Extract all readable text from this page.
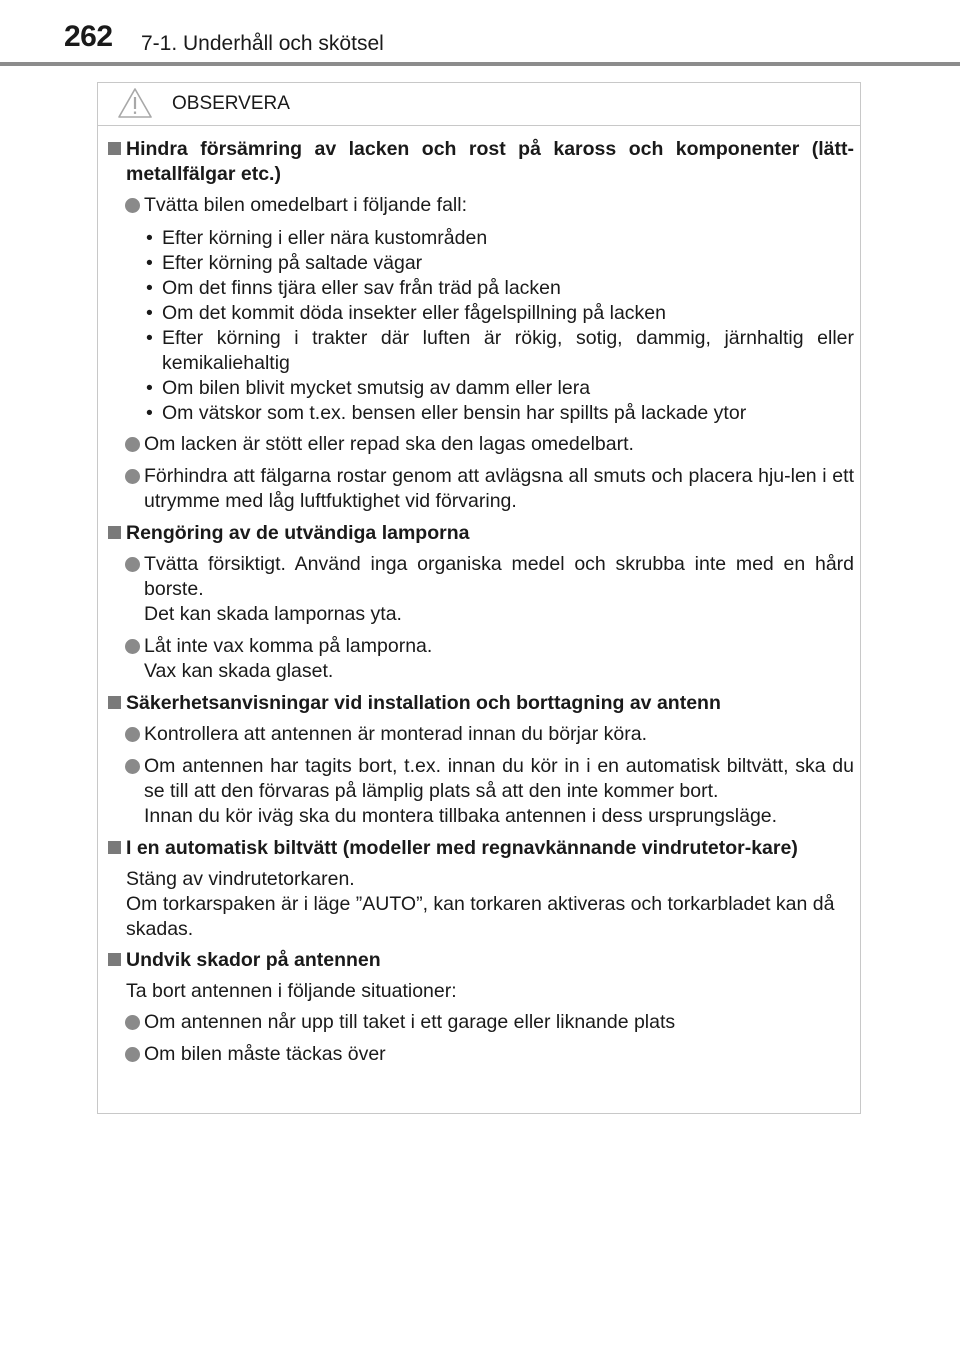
262 7-1. Underhåll och skötsel
OBSERVERA
Hindra försämring av lacken och rost på kaross och komponenter (lätt-metallfälgar etc.)
Tvätta bilen omedelbart i följande fall:
• Efter körning i eller nära kustområden
• Efter körning på saltade vägar
• Om det finns tjära eller sav från träd på lacken
• Om det kommit döda insekter eller fågelspillning på lacken
• Efter körning i trakter där luften är rökig, sotig, dammig, järnhaltig eller kemikaliehaltig
• Om bilen blivit mycket smutsig av damm eller lera
• Om vätskor som t.ex. bensen eller bensin har spillts på lackade ytor
Om lacken är stött eller repad ska den lagas omedelbart.
Förhindra att fälgarna rostar genom att avlägsna all smuts och placera hju-len i ett utrymme med låg luftfuktighet vid förvaring.
Rengöring av de utvändiga lamporna
Tvätta försiktigt. Använd inga organiska medel och skrubba inte med en hård borste.
Det kan skada lampornas yta.
Låt inte vax komma på lamporna.
Vax kan skada glaset.
Säkerhetsanvisningar vid installation och borttagning av antenn
Kontrollera att antennen är monterad innan du börjar köra.
Om antennen har tagits bort, t.ex. innan du kör in i en automatisk biltvätt, ska du se till att den förvaras på lämplig plats så att den inte kommer bort.
Innan du kör iväg ska du montera tillbaka antennen i dess ursprungsläge.
I en automatisk biltvätt (modeller med regnavkännande vindrutetor-kare)
Stäng av vindrutetorkaren.
Om torkarspaken är i läge ”AUTO”, kan torkaren aktiveras och torkarbladet kan då skadas.
Undvik skador på antennen
Ta bort antennen i följande situationer:
Om antennen når upp till taket i ett garage eller liknande plats
Om bilen måste täckas över
